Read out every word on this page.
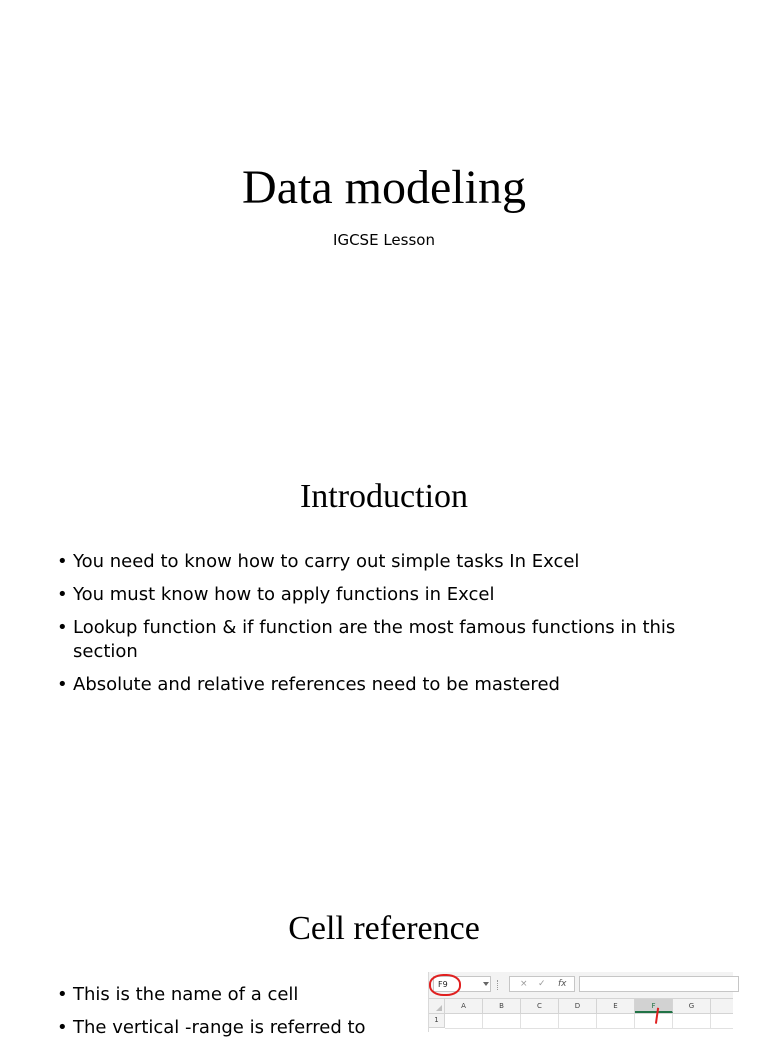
Data modeling
IGCSE Lesson
Introduction
• You need to know how to carry out simple tasks In Excel
• You must know how to apply functions in Excel
• Lookup function & if function are the most famous functions in this section
• Absolute and relative references need to be mastered
Cell reference
• This is the name of a cell
• The vertical -range is referred to
F9	× ✓ fx
A	B	C	D	E	F	G
1
